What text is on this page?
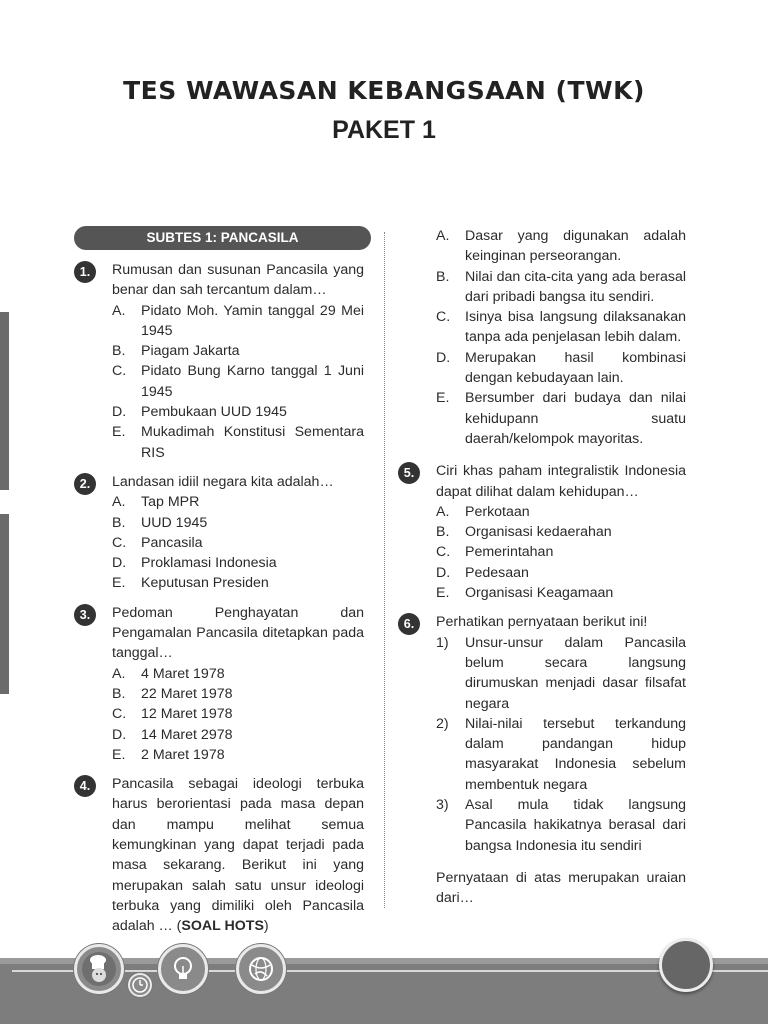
TES WAWASAN KEBANGSAAN (TWK)
PAKET 1
SUBTES 1: PANCASILA
1.	Rumusan dan susunan Pancasila yang benar dan sah tercantum dalam…
A. Pidato Moh. Yamin tanggal 29 Mei 1945
B. Piagam Jakarta
C. Pidato Bung Karno tanggal 1 Juni 1945
D. Pembukaan UUD 1945
E. Mukadimah Konstitusi Sementara RIS
2.	Landasan idiil negara kita adalah…
A. Tap MPR
B. UUD 1945
C. Pancasila
D. Proklamasi Indonesia
E. Keputusan Presiden
3.	Pedoman Penghayatan dan Pengamalan Pancasila ditetapkan pada tanggal…
A. 4 Maret 1978
B. 22 Maret 1978
C. 12 Maret 1978
D. 14 Maret 2978
E. 2 Maret 1978
4.	Pancasila sebagai ideologi terbuka harus berorientasi pada masa depan dan mampu melihat semua kemungkinan yang dapat terjadi pada masa sekarang. Berikut ini yang merupakan salah satu unsur ideologi terbuka yang dimiliki oleh Pancasila adalah … (SOAL HOTS)
A. Dasar yang digunakan adalah keinginan perseorangan.
B. Nilai dan cita-cita yang ada berasal dari pribadi bangsa itu sendiri.
C. Isinya bisa langsung dilaksanakan tanpa ada penjelasan lebih dalam.
D. Merupakan hasil kombinasi dengan kebudayaan lain.
E. Bersumber dari budaya dan nilai kehidupann suatu daerah/kelompok mayoritas.
5.	Ciri khas paham integralistik Indonesia dapat dilihat dalam kehidupan…
A. Perkotaan
B. Organisasi kedaerahan
C. Pemerintahan
D. Pedesaan
E. Organisasi Keagamaan
6.	Perhatikan pernyataan berikut ini!
1) Unsur-unsur dalam Pancasila belum secara langsung dirumuskan menjadi dasar filsafat negara
2) Nilai-nilai tersebut terkandung dalam pandangan hidup masyarakat Indonesia sebelum membentuk negara
3) Asal mula tidak langsung Pancasila hakikatnya berasal dari bangsa Indonesia itu sendiri
Pernyataan di atas merupakan uraian dari…
